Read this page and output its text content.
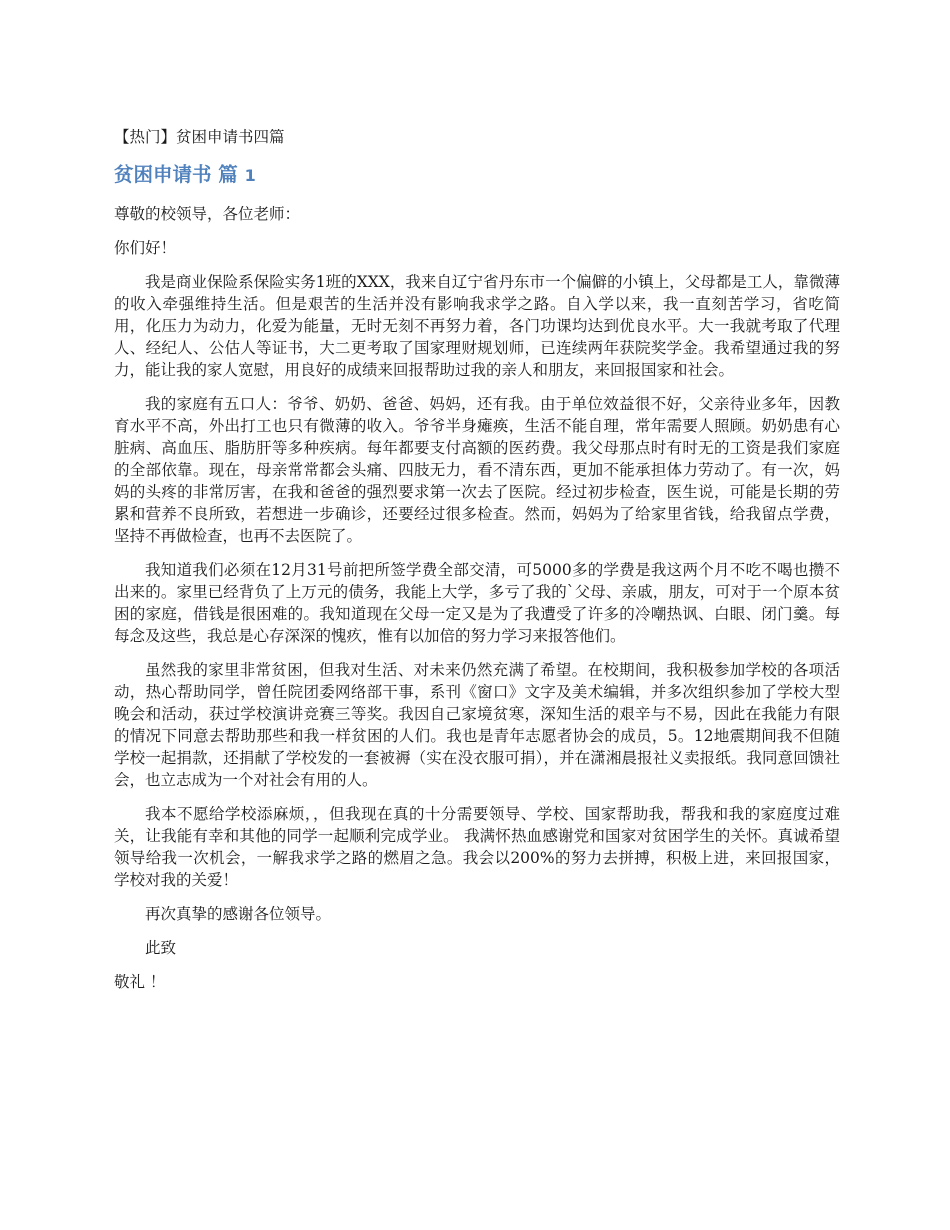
【热门】贫困申请书四篇
贫困申请书 篇 1
尊敬的校领导，各位老师：
你们好！
我是商业保险系保险实务1班的XXX，我来自辽宁省丹东市一个偏僻的小镇上，父母都是工人，靠微薄的收入牵强维持生活。但是艰苦的生活并没有影响我求学之路。自入学以来，我一直刻苦学习，省吃简用，化压力为动力，化爱为能量，无时无刻不再努力着，各门功课均达到优良水平。大一我就考取了代理人、经纪人、公估人等证书，大二更考取了国家理财规划师，已连续两年获院奖学金。我希望通过我的努力，能让我的家人宽慰，用良好的成绩来回报帮助过我的亲人和朋友，来回报国家和社会。
我的家庭有五口人：爷爷、奶奶、爸爸、妈妈，还有我。由于单位效益很不好，父亲待业多年，因教育水平不高，外出打工也只有微薄的收入。爷爷半身瘫痪，生活不能自理，常年需要人照顾。奶奶患有心脏病、高血压、脂肪肝等多种疾病。每年都要支付高额的医药费。我父母那点时有时无的工资是我们家庭的全部依靠。现在，母亲常常都会头痛、四肢无力，看不清东西，更加不能承担体力劳动了。有一次，妈妈的头疼的非常厉害，在我和爸爸的强烈要求第一次去了医院。经过初步检查，医生说，可能是长期的劳累和营养不良所致，若想进一步确诊，还要经过很多检查。然而，妈妈为了给家里省钱，给我留点学费，坚持不再做检查，也再不去医院了。
我知道我们必须在12月31号前把所签学费全部交清，可5000多的学费是我这两个月不吃不喝也攒不出来的。家里已经背负了上万元的债务，我能上大学，多亏了我的`父母、亲戚，朋友，可对于一个原本贫困的家庭，借钱是很困难的。我知道现在父母一定又是为了我遭受了许多的冷嘲热讽、白眼、闭门羹。每每念及这些，我总是心存深深的愧疚，惟有以加倍的努力学习来报答他们。
虽然我的家里非常贫困，但我对生活、对未来仍然充满了希望。在校期间，我积极参加学校的各项活动，热心帮助同学，曾任院团委网络部干事，系刊《窗口》文字及美术编辑，并多次组织参加了学校大型晚会和活动，获过学校演讲竞赛三等奖。我因自己家境贫寒，深知生活的艰辛与不易，因此在我能力有限的情况下同意去帮助那些和我一样贫困的人们。我也是青年志愿者协会的成员，5。12地震期间我不但随学校一起捐款，还捐献了学校发的一套被褥（实在没衣服可捐），并在潇湘晨报社义卖报纸。我同意回馈社会，也立志成为一个对社会有用的人。
我本不愿给学校添麻烦，，但我现在真的十分需要领导、学校、国家帮助我，帮我和我的家庭度过难关，让我能有幸和其他的同学一起顺利完成学业。 我满怀热血感谢党和国家对贫困学生的关怀。真诚希望领导给我一次机会，一解我求学之路的燃眉之急。我会以200%的努力去拼搏，积极上进，来回报国家，学校对我的关爱！
再次真挚的感谢各位领导。
此致
敬礼 ！
